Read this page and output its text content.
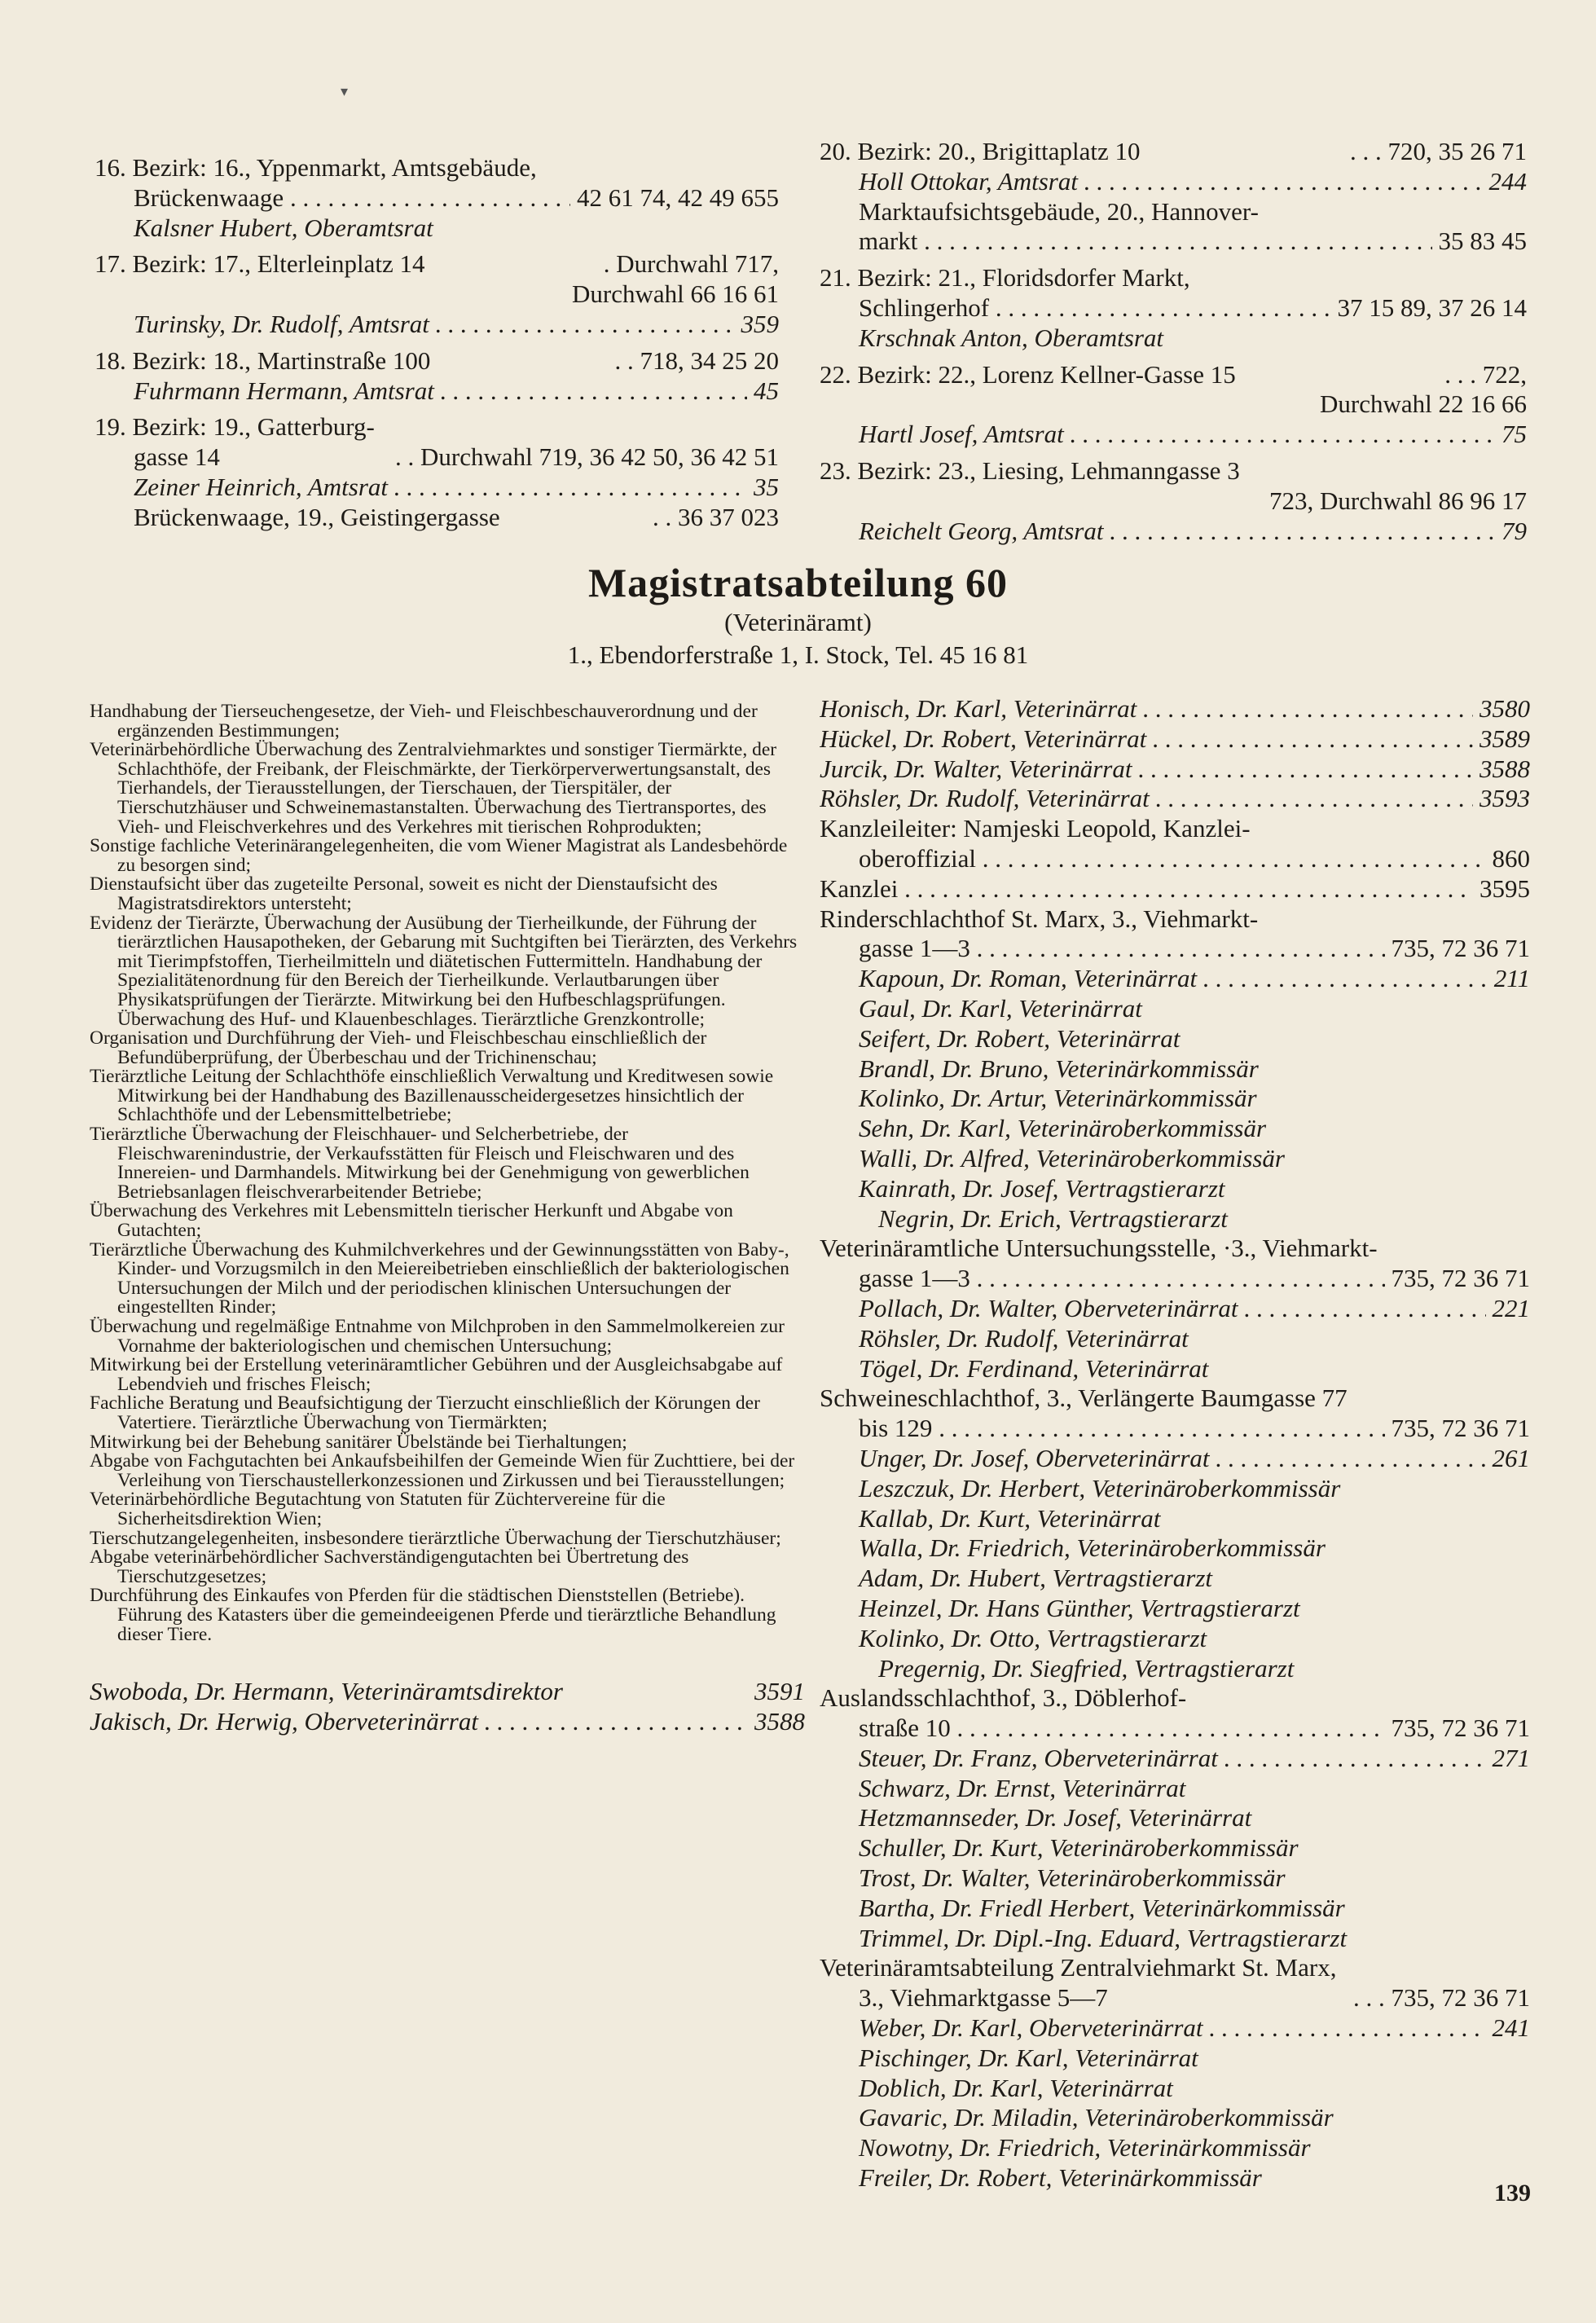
▾
16. Bezirk: 16., Yppenmarkt, Amtsgebäude,
Brückenwaage . . .	42 61 74, 42 49 655
Kalsner Hubert, Oberamtsrat
17. Bezirk: 17., Elterleinplatz 14	. Durchwahl 717,
Durchwahl 66 16 61
Turinsky, Dr. Rudolf, Amtsrat . . .	359
18. Bezirk: 18., Martinstraße 100	. . 718, 34 25 20
Fuhrmann Hermann, Amtsrat . . .	45
19. Bezirk: 19., Gatterburg-
gasse 14	. . Durchwahl 719, 36 42 50, 36 42 51
Zeiner Heinrich, Amtsrat . . .	35
Brückenwaage, 19., Geistingergasse	. . 36 37 023
20. Bezirk: 20., Brigittaplatz 10	. . . 720, 35 26 71
Holl Ottokar, Amtsrat . . .	244
Marktaufsichtsgebäude, 20., Hannover-
markt . . .	35 83 45
21. Bezirk: 21., Floridsdorfer Markt,
Schlingerhof . . .	37 15 89, 37 26 14
Krschnak Anton, Oberamtsrat
22. Bezirk: 22., Lorenz Kellner-Gasse 15	. . . 722,
Durchwahl 22 16 66
Hartl Josef, Amtsrat . . .	75
23. Bezirk: 23., Liesing, Lehmanngasse 3
723, Durchwahl 86 96 17
Reichelt Georg, Amtsrat . . .	79
Magistratsabteilung 60
(Veterinäramt)
1., Ebendorferstraße 1, I. Stock, Tel. 45 16 81
Handhabung der Tierseuchengesetze, der Vieh- und Fleischbeschauverordnung und der ergänzenden Bestimmungen;
Veterinärbehördliche Überwachung des Zentralviehmarktes und sonstiger Tiermärkte, der Schlachthöfe, der Freibank, der Fleischmärkte, der Tierkörperverwertungsanstalt, des Tierhandels, der Tierausstellungen, der Tierschauen, der Tierspitäler, der Tierschutzhäuser und Schweinemastanstalten. Überwachung des Tiertransportes, des Vieh- und Fleischverkehres und des Verkehres mit tierischen Rohprodukten;
Sonstige fachliche Veterinärangelegenheiten, die vom Wiener Magistrat als Landesbehörde zu besorgen sind;
Dienstaufsicht über das zugeteilte Personal, soweit es nicht der Dienstaufsicht des Magistratsdirektors untersteht;
Evidenz der Tierärzte, Überwachung der Ausübung der Tierheilkunde, der Führung der tierärztlichen Hausapotheken, der Gebarung mit Suchtgiften bei Tierärzten, des Verkehrs mit Tierimpfstoffen, Tierheilmitteln und diätetischen Futtermitteln. Handhabung der Spezialitätenordnung für den Bereich der Tierheilkunde. Verlautbarungen über Physikatsprüfungen der Tierärzte. Mitwirkung bei den Hufbeschlagsprüfungen. Überwachung des Huf- und Klauenbeschlages. Tierärztliche Grenzkontrolle;
Organisation und Durchführung der Vieh- und Fleischbeschau einschließlich der Befundüberprüfung, der Überbeschau und der Trichinenschau;
Tierärztliche Leitung der Schlachthöfe einschließlich Verwaltung und Kreditwesen sowie Mitwirkung bei der Handhabung des Bazillenausscheidergesetzes hinsichtlich der Schlachthöfe und der Lebensmittelbetriebe;
Tierärztliche Überwachung der Fleischhauer- und Selcherbetriebe, der Fleischwarenindustrie, der Verkaufsstätten für Fleisch und Fleischwaren und des Innereien- und Darmhandels. Mitwirkung bei der Genehmigung von gewerblichen Betriebsanlagen fleischverarbeitender Betriebe;
Überwachung des Verkehres mit Lebensmitteln tierischer Herkunft und Abgabe von Gutachten;
Tierärztliche Überwachung des Kuhmilchverkehres und der Gewinnungsstätten von Baby-, Kinder- und Vorzugsmilch in den Meiereibetrieben einschließlich der bakteriologischen Untersuchungen der Milch und der periodischen klinischen Untersuchungen der eingestellten Rinder;
Überwachung und regelmäßige Entnahme von Milchproben in den Sammelmolkereien zur Vornahme der bakteriologischen und chemischen Untersuchung;
Mitwirkung bei der Erstellung veterinäramtlicher Gebühren und der Ausgleichsabgabe auf Lebendvieh und frisches Fleisch;
Fachliche Beratung und Beaufsichtigung der Tierzucht einschließlich der Körungen der Vatertiere. Tierärztliche Überwachung von Tiermärkten;
Mitwirkung bei der Behebung sanitärer Übelstände bei Tierhaltungen;
Abgabe von Fachgutachten bei Ankaufsbeihilfen der Gemeinde Wien für Zuchttiere, bei der Verleihung von Tierschaustellerkonzessionen und Zirkussen und bei Tierausstellungen;
Veterinärbehördliche Begutachtung von Statuten für Züchtervereine für die Sicherheitsdirektion Wien;
Tierschutzangelegenheiten, insbesondere tierärztliche Überwachung der Tierschutzhäuser;
Abgabe veterinärbehördlicher Sachverständigengutachten bei Übertretung des Tierschutzgesetzes;
Durchführung des Einkaufes von Pferden für die städtischen Dienststellen (Betriebe). Führung des Katasters über die gemeindeeigenen Pferde und tierärztliche Behandlung dieser Tiere.
Swoboda, Dr. Hermann, Veterinäramtsdirektor	3591
Jakisch, Dr. Herwig, Oberveterinärrat . . .	3588
Honisch, Dr. Karl, Veterinärrat . . .	3580
Hückel, Dr. Robert, Veterinärrat . . .	3589
Jurcik, Dr. Walter, Veterinärrat . . .	3588
Röhsler, Dr. Rudolf, Veterinärrat . . .	3593
Kanzleileiter: Namjeski Leopold, Kanzlei-
oberoffizial . . .	860
Kanzlei . . .	3595
Rinderschlachthof St. Marx, 3., Viehmarkt-
gasse 1—3 . . .	735, 72 36 71
Kapoun, Dr. Roman, Veterinärrat . . .	211
Gaul, Dr. Karl, Veterinärrat
Seifert, Dr. Robert, Veterinärrat
Brandl, Dr. Bruno, Veterinärkommissär
Kolinko, Dr. Artur, Veterinärkommissär
Sehn, Dr. Karl, Veterinäroberkommissär
Walli, Dr. Alfred, Veterinäroberkommissär
Kainrath, Dr. Josef, Vertragstierarzt
Negrin, Dr. Erich, Vertragstierarzt
Veterinäramtliche Untersuchungsstelle, ·3., Viehmarkt-
gasse 1—3 . . .	735, 72 36 71
Pollach, Dr. Walter, Oberveterinärrat . . .	221
Röhsler, Dr. Rudolf, Veterinärrat
Tögel, Dr. Ferdinand, Veterinärrat
Schweineschlachthof, 3., Verlängerte Baumgasse 77
bis 129 . . .	735, 72 36 71
Unger, Dr. Josef, Oberveterinärrat . . .	261
Leszczuk, Dr. Herbert, Veterinäroberkommissär
Kallab, Dr. Kurt, Veterinärrat
Walla, Dr. Friedrich, Veterinäroberkommissär
Adam, Dr. Hubert, Vertragstierarzt
Heinzel, Dr. Hans Günther, Vertragstierarzt
Kolinko, Dr. Otto, Vertragstierarzt
Pregernig, Dr. Siegfried, Vertragstierarzt
Auslandsschlachthof, 3., Döblerhof-
straße 10 . . .	735, 72 36 71
Steuer, Dr. Franz, Oberveterinärrat . . .	271
Schwarz, Dr. Ernst, Veterinärrat
Hetzmannseder, Dr. Josef, Veterinärrat
Schuller, Dr. Kurt, Veterinäroberkommissär
Trost, Dr. Walter, Veterinäroberkommissär
Bartha, Dr. Friedl Herbert, Veterinärkommissär
Trimmel, Dr. Dipl.-Ing. Eduard, Vertragstierarzt
Veterinäramtsabteilung Zentralviehmarkt St. Marx,
3., Viehmarktgasse 5—7	. . . 735, 72 36 71
Weber, Dr. Karl, Oberveterinärrat . . .	241
Pischinger, Dr. Karl, Veterinärrat
Doblich, Dr. Karl, Veterinärrat
Gavaric, Dr. Miladin, Veterinäroberkommissär
Nowotny, Dr. Friedrich, Veterinärkommissär
Freiler, Dr. Robert, Veterinärkommissär
139
